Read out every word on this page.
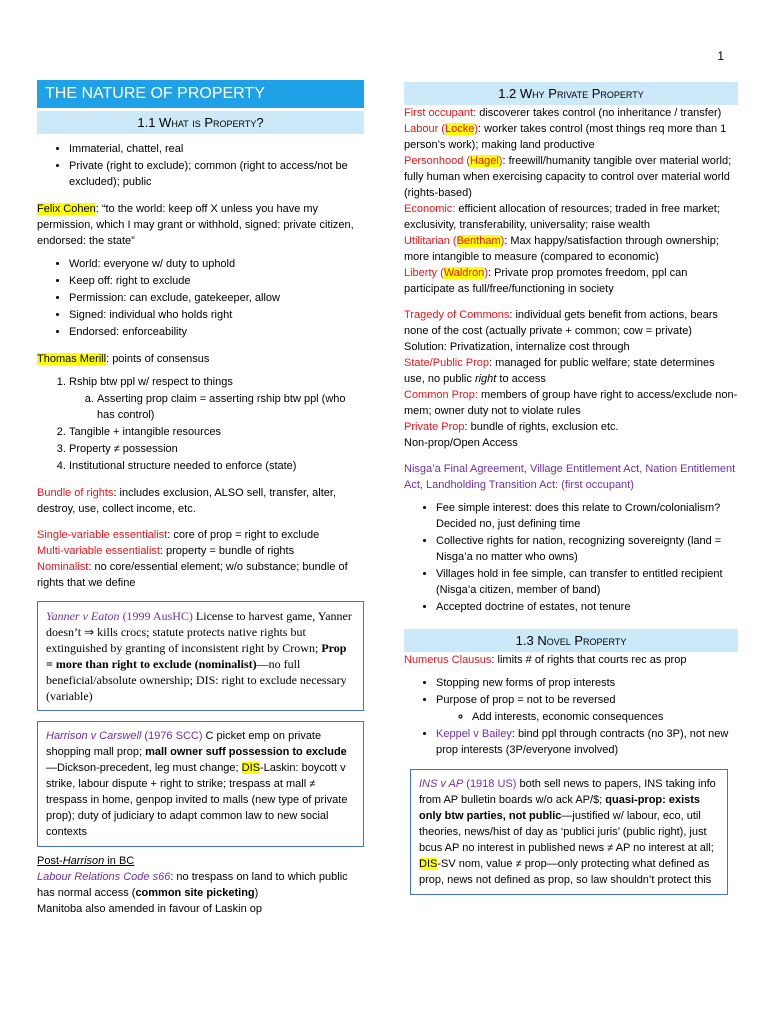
1
THE NATURE OF PROPERTY
1.1 What is Property?
• Immaterial, chattel, real
• Private (right to exclude); common (right to access/not be excluded); public

Felix Cohen: “to the world: keep off X unless you have my permission, which I may grant or withhold, signed: private citizen, endorsed: the state”

• World: everyone w/ duty to uphold
• Keep off: right to exclude
• Permission: can exclude, gatekeeper, allow
• Signed: individual who holds right
• Endorsed: enforceability

Thomas Merill: points of consensus

1. Rship btw ppl w/ respect to things
a. Asserting prop claim = asserting rship btw ppl (who has control)
2. Tangible + intangible resources
3. Property ≠ possession
4. Institutional structure needed to enforce (state)

Bundle of rights: includes exclusion, ALSO sell, transfer, alter, destroy, use, collect income, etc.

Single-variable essentialist: core of prop = right to exclude

Multi-variable essentialist: property = bundle of rights

Nominalist: no core/essential element; w/o substance; bundle of rights that we define

Yanner v Eaton (1999 AusHC) License to harvest game, Yanner doesn’t ⇒ kills crocs; statute protects native rights but extinguished by granting of inconsistent right by Crown; Prop = more than right to exclude (nominalist)—no full beneficial/absolute ownership; DIS: right to exclude necessary (variable)

Harrison v Carswell (1976 SCC) C picket emp on private shopping mall prop; mall owner suff possession to exclude—Dickson-precedent, leg must change; DIS-Laskin: boycott v strike, labour dispute + right to strike; trespass at mall ≠ trespass in home, genpop invited to malls (new type of private prop); duty of judiciary to adapt common law to new social contexts

Post-Harrison in BC

Labour Relations Code s66: no trespass on land to which public has normal access (common site picketing)

Manitoba also amended in favour of Laskin op

1.2 Why Private Property

First occupant: discoverer takes control (no inheritance / transfer)

Labour (Locke): worker takes control (most things req more than 1 person’s work); making land productive

Personhood (Hagel): freewill/humanity tangible over material world; fully human when exercising capacity to control over material world (rights-based)

Economic: efficient allocation of resources; traded in free market; exclusivity, transferability, universality; raise wealth

Utilitarian (Bentham): Max happy/satisfaction through ownership; more intangible to measure (compared to economic)

Liberty (Waldron): Private prop promotes freedom, ppl can participate as full/free/functioning in society

Tragedy of Commons: individual gets benefit from actions, bears none of the cost (actually private + common; cow = private)

Solution: Privatization, internalize cost through

State/Public Prop: managed for public welfare; state determines use, no public right to access

Common Prop: members of group have right to access/exclude non-mem; owner duty not to violate rules

Private Prop: bundle of rights, exclusion etc.

Non-prop/Open Access

Nisga’a Final Agreement, Village Entitlement Act, Nation Entitlement Act, Landholding Transition Act: (first occupant)

• Fee simple interest: does this relate to Crown/colonialism? Decided no, just defining time
• Collective rights for nation, recognizing sovereignty (land = Nisga’a no matter who owns)
• Villages hold in fee simple, can transfer to entitled recipient (Nisga’a citizen, member of band)
• Accepted doctrine of estates, not tenure
1.3 Novel Property

Numerus Clausus: limits # of rights that courts rec as prop

• Stopping new forms of prop interests
• Purpose of prop = not to be reversed
◦ Add interests, economic consequences
• Keppel v Bailey: bind ppl through contracts (no 3P), not new prop interests (3P/everyone involved)

INS v AP (1918 US) both sell news to papers, INS taking info from AP bulletin boards w/o ack AP/$; quasi-prop: exists only btw parties, not public—justified w/ labour, eco, util theories, news/hist of day as ‘publici juris’ (public right), just bcus AP no interest in published news ≠ AP no interest at all; DIS-SV nom, value ≠ prop—only protecting what defined as prop, news not defined as prop, so law shouldn’t protect this
